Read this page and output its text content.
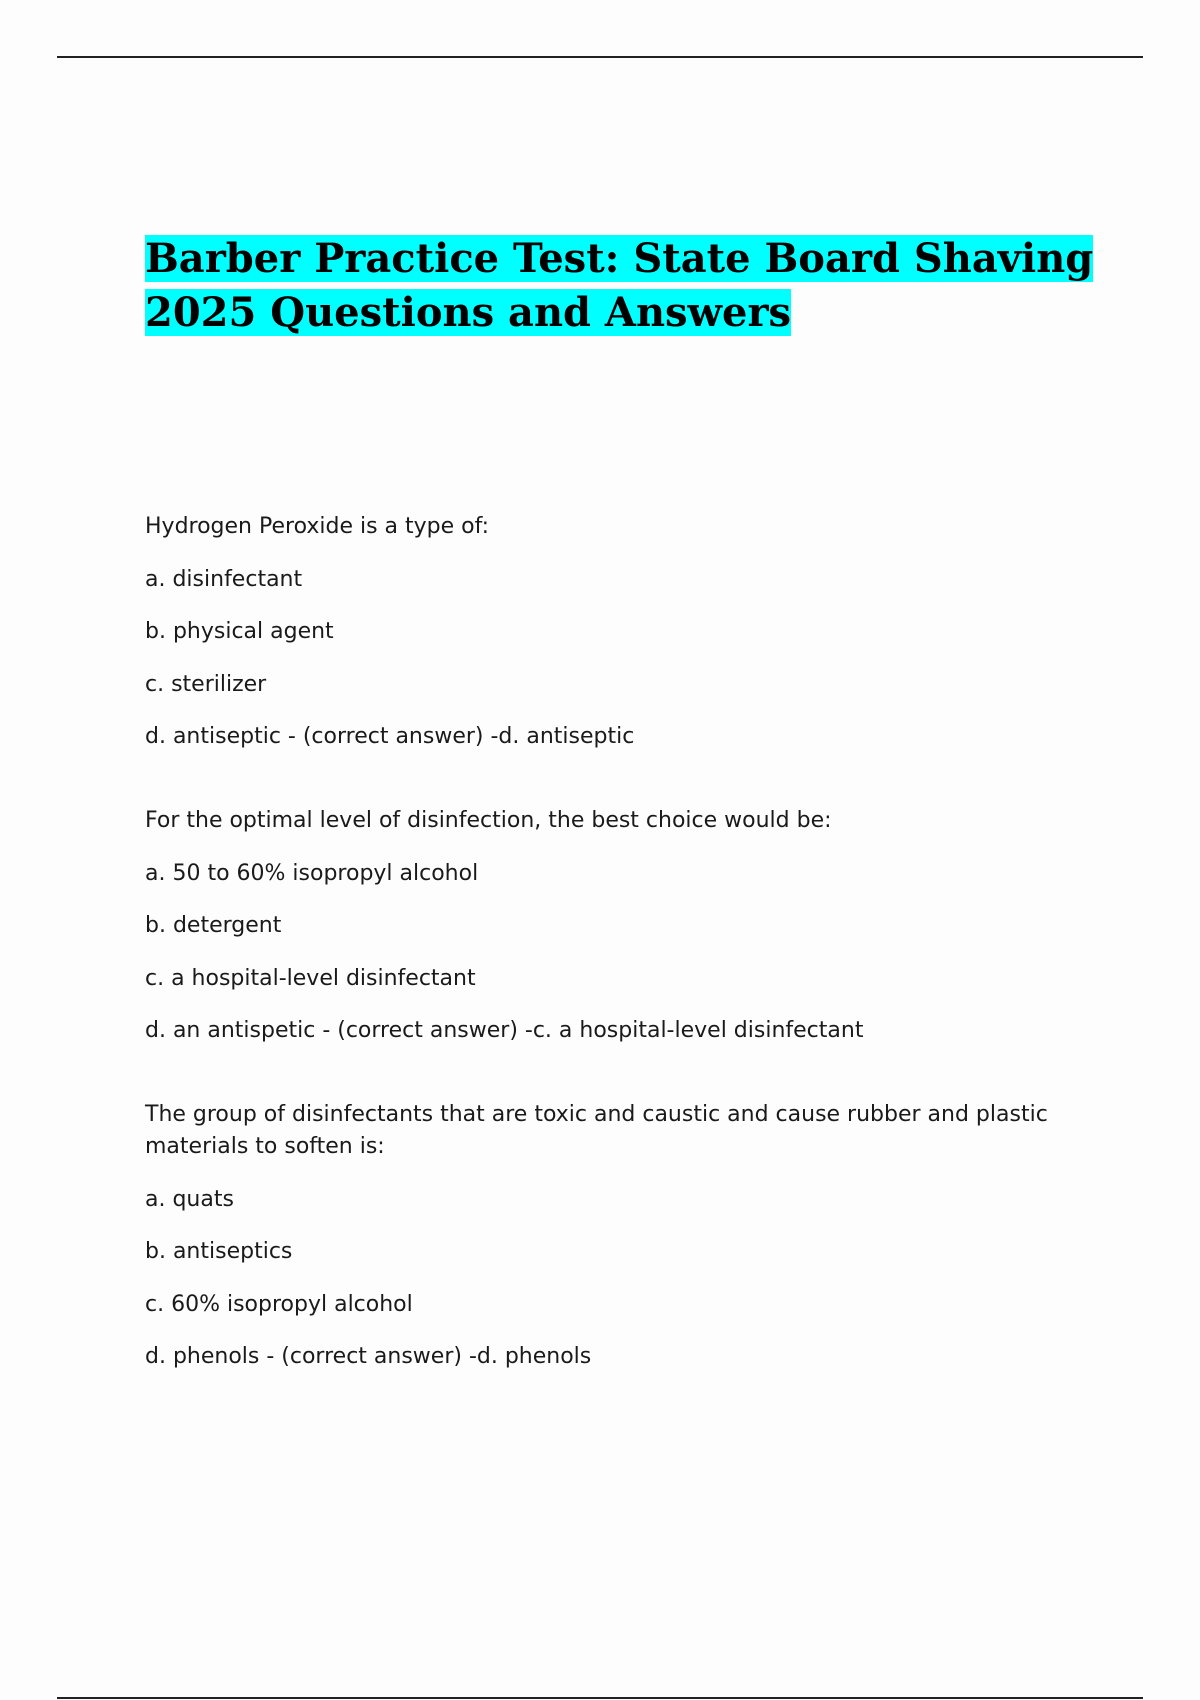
Barber Practice Test: State Board Shaving 2025 Questions and Answers

Hydrogen Peroxide is a type of:

a. disinfectant

b. physical agent

c. sterilizer

d. antiseptic - (correct answer) -d. antiseptic

For the optimal level of disinfection, the best choice would be:

a. 50 to 60% isopropyl alcohol

b. detergent

c. a hospital-level disinfectant

d. an antispetic - (correct answer) -c. a hospital-level disinfectant

The group of disinfectants that are toxic and caustic and cause rubber and plastic materials to soften is:

a. quats

b. antiseptics

c. 60% isopropyl alcohol

d. phenols - (correct answer) -d. phenols
